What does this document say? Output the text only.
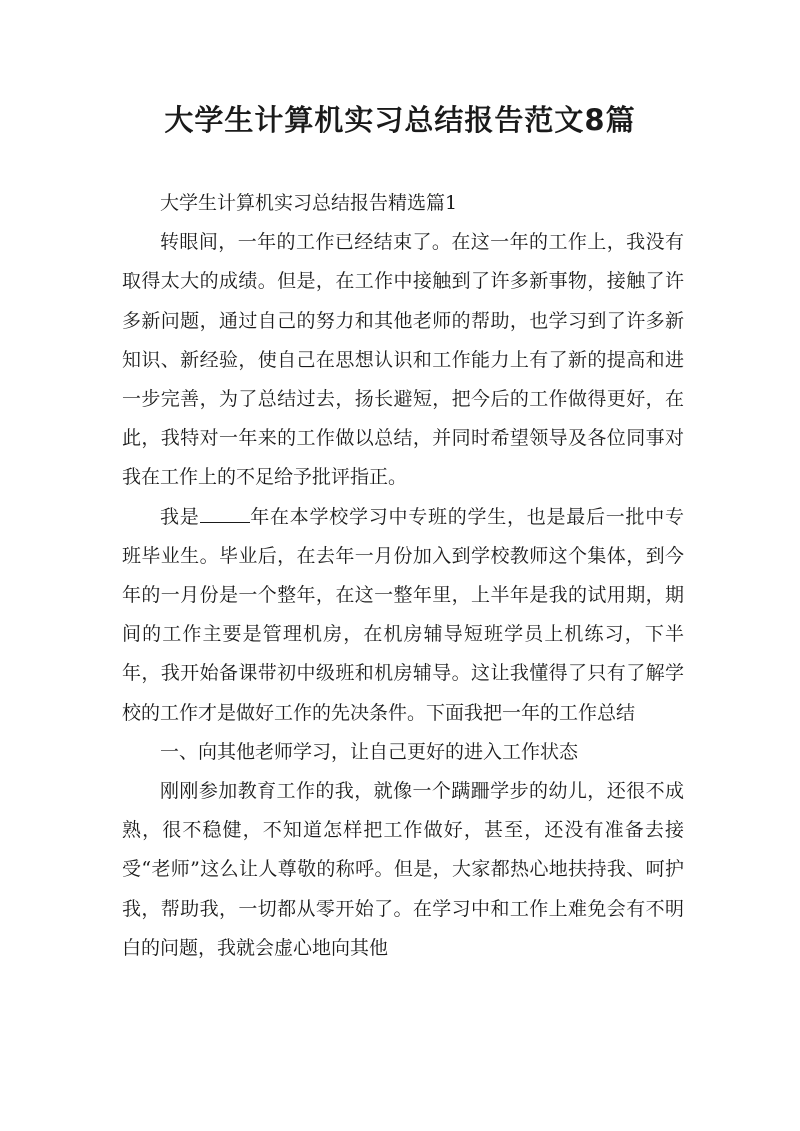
大学生计算机实习总结报告范文8篇

大学生计算机实习总结报告精选篇1

转眼间，一年的工作已经结束了。在这一年的工作上，我没有取得太大的成绩。但是，在工作中接触到了许多新事物，接触了许多新问题，通过自己的努力和其他老师的帮助，也学习到了许多新知识、新经验，使自己在思想认识和工作能力上有了新的提高和进一步完善，为了总结过去，扬长避短，把今后的工作做得更好，在此，我特对一年来的工作做以总结，并同时希望领导及各位同事对我在工作上的不足给予批评指正。

我是	年在本学校学习中专班的学生，也是最后一批中专班毕业生。毕业后，在去年一月份加入到学校教师这个集体，到今年的一月份是一个整年，在这一整年里，上半年是我的试用期，期间的工作主要是管理机房，在机房辅导短班学员上机练习，下半年，我开始备课带初中级班和机房辅导。这让我懂得了只有了解学校的工作才是做好工作的先决条件。下面我把一年的工作总结

一、向其他老师学习，让自己更好的进入工作状态

刚刚参加教育工作的我，就像一个蹒跚学步的幼儿，还很不成熟，很不稳健，不知道怎样把工作做好，甚至，还没有准备去接受“老师”这么让人尊敬的称呼。但是，大家都热心地扶持我、呵护我，帮助我，一切都从零开始了。在学习中和工作上难免会有不明白的问题，我就会虚心地向其他
